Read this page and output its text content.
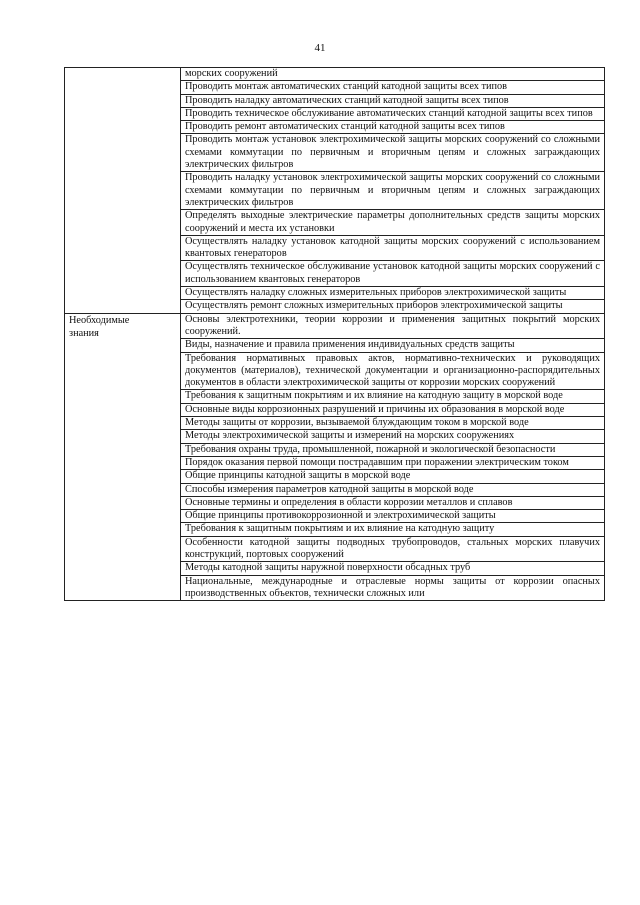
41
	морских сооружений
	Проводить монтаж автоматических станций катодной защиты всех типов
	Проводить наладку автоматических станций катодной защиты всех типов
	Проводить техническое обслуживание автоматических станций катодной защиты всех типов
	Проводить ремонт автоматических станций катодной защиты всех типов
	Проводить монтаж установок электрохимической защиты морских сооружений со сложными схемами коммутации по первичным и вторичным цепям и сложных заграждающих электрических фильтров
	Проводить наладку установок электрохимической защиты морских сооружений со сложными схемами коммутации по первичным и вторичным цепям и сложных заграждающих электрических фильтров
	Определять выходные электрические параметры дополнительных средств защиты морских сооружений и места их установки
	Осуществлять наладку установок катодной защиты морских сооружений с использованием квантовых генераторов
	Осуществлять техническое обслуживание установок катодной защиты морских сооружений с использованием квантовых генераторов
	Осуществлять наладку сложных измерительных приборов электрохимической защиты
	Осуществлять ремонт сложных измерительных приборов электрохимической защиты

Необходимые
знания	Основы электротехники, теории коррозии и применения защитных покрытий морских сооружений.
	Виды, назначение и правила применения индивидуальных средств защиты
	Требования нормативных правовых актов, нормативно-технических и руководящих документов (материалов), технической документации и организационно-распорядительных документов в области электрохимической защиты от коррозии морских сооружений
	Требования к защитным покрытиям и их влияние на катодную защиту в морской воде
	Основные виды коррозионных разрушений и причины их образования в морской воде
	Методы защиты от коррозии, вызываемой блуждающим током в морской воде
	Методы электрохимической защиты и измерений на морских сооружениях
	Требования охраны труда, промышленной, пожарной и экологической безопасности
	Порядок оказания первой помощи пострадавшим при поражении электрическим током
	Общие принципы катодной защиты в морской воде
	Способы измерения параметров катодной защиты в морской воде
	Основные термины и определения в области коррозии металлов и сплавов
	Общие принципы противокоррозионной и электрохимической защиты
	Требования к защитным покрытиям и их влияние на катодную защиту
	Особенности катодной защиты подводных трубопроводов, стальных морских плавучих конструкций, портовых сооружений
	Методы катодной защиты наружной поверхности обсадных труб
	Национальные, международные и отраслевые нормы защиты от коррозии опасных производственных объектов, технически сложных или
